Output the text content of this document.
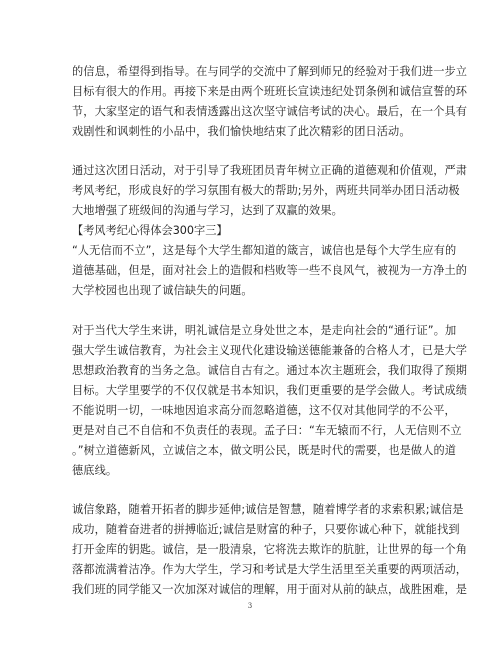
的信息，希望得到指导。在与同学的交流中了解到师兄的经验对于我们进一步立
目标有很大的作用。再接下来是由两个班班长宣读违纪处罚条例和诚信宣誓的环
节，大家坚定的语气和表情透露出这次坚守诚信考试的决心。最后，在一个具有
戏剧性和讽刺性的小品中，我们愉快地结束了此次精彩的团日活动。

通过这次团日活动，对于引导了我班团员青年树立正确的道德观和价值观，严肃
考风考纪，形成良好的学习氛围有极大的帮助;另外，两班共同举办团日活动极
大地增强了班级间的沟通与学习，达到了双赢的效果。

【考风考纪心得体会300字三】

“人无信而不立”，这是每个大学生都知道的箴言，诚信也是每个大学生应有的
道德基础，但是，面对社会上的造假和档败等一些不良风气，被视为一方净土的
大学校园也出现了诚信缺失的问题。

对于当代大学生来讲，明礼诚信是立身处世之本，是走向社会的“通行证”。加
强大学生诚信教育，为社会主义现代化建设输送德能兼备的合格人才，已是大学
思想政治教育的当务之急。诚信自古有之。通过本次主题班会，我们取得了预期
目标。大学里要学的不仅仅就是书本知识，我们更重要的是学会做人。考试成绩
不能说明一切，一味地因追求高分而忽略道德，这不仅对其他同学的不公平，
更是对自己不自信和不负责任的表现。孟子曰：“车无辕而不行，人无信则不立
。”树立道德新风，立诚信之本，做文明公民，既是时代的需要，也是做人的道
德底线。

诚信象路，随着开拓者的脚步延伸;诚信是智慧，随着博学者的求索积累;诚信是
成功，随着奋进者的拼搏临近;诚信是财富的种子，只要你诚心种下，就能找到
打开金库的钥匙。诚信，是一股清泉，它将洗去欺诈的肮脏，让世界的每一个角
落都流满着洁净。作为大学生，学习和考试是大学生活里至关重要的两项活动，
我们班的同学能又一次加深对诚信的理解，用于面对从前的缺点，战胜困难，是

3
